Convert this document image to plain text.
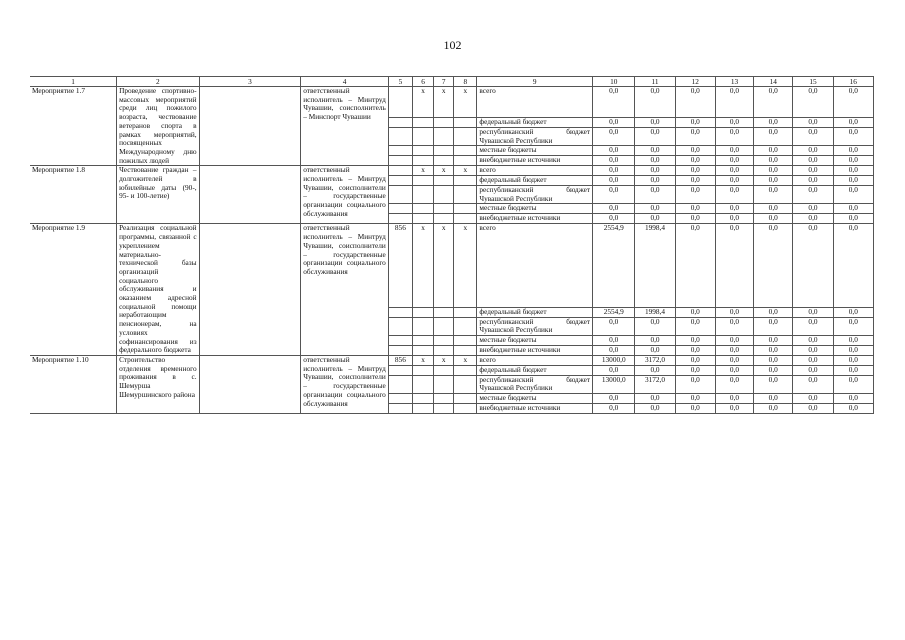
102
1	2	3	4	5	6	7	8	9	10	11	12	13	14	15	16
Мероприятие 1.7	Проведение спортивно-массовых мероприятий среди лиц пожилого возраста, чествование ветеранов спорта в рамках мероприятий, посвященных Международному дню пожилых людей		ответственный исполнитель – Минтруд Чувашии, соисполнитель – Минспорт Чувашии		x	x	x	всего	0,0	0,0	0,0	0,0	0,0	0,0	0,0
								федеральный бюджет	0,0	0,0	0,0	0,0	0,0	0,0	0,0
								республиканский бюджет Чувашской Республики	0,0	0,0	0,0	0,0	0,0	0,0	0,0
								местные бюджеты	0,0	0,0	0,0	0,0	0,0	0,0	0,0
								внебюджетные источники	0,0	0,0	0,0	0,0	0,0	0,0	0,0
Мероприятие 1.8	Чествование граждан – долгожителей в юбилейные даты (90-, 95- и 100-летие)		ответственный исполнитель – Минтруд Чувашии, соисполнители – государственные организации социального обслуживания		x	x	x	всего	0,0	0,0	0,0	0,0	0,0	0,0	0,0
								федеральный бюджет	0,0	0,0	0,0	0,0	0,0	0,0	0,0
								республиканский бюджет Чувашской Республики	0,0	0,0	0,0	0,0	0,0	0,0	0,0
								местные бюджеты	0,0	0,0	0,0	0,0	0,0	0,0	0,0
								внебюджетные источники	0,0	0,0	0,0	0,0	0,0	0,0	0,0
Мероприятие 1.9	Реализация социальной программы, связанной с укреплением материально-технической базы организаций социального обслуживания и оказанием адресной социальной помощи неработающим пенсионерам, на условиях софинансирования из федерального бюджета		ответственный исполнитель – Минтруд Чувашии, соисполнители – государственные организации социального обслуживания	856	x	x	x	всего	2554,9	1998,4	0,0	0,0	0,0	0,0	0,0
								федеральный бюджет	2554,9	1998,4	0,0	0,0	0,0	0,0	0,0
								республиканский бюджет Чувашской Республики	0,0	0,0	0,0	0,0	0,0	0,0	0,0
								местные бюджеты	0,0	0,0	0,0	0,0	0,0	0,0	0,0
								внебюджетные источники	0,0	0,0	0,0	0,0	0,0	0,0	0,0
Мероприятие 1.10	Строительство отделения временного проживания в с. Шемурша Шемуршинского района		ответственный исполнитель – Минтруд Чувашии, соисполнители – государственные организации социального обслуживания	856	x	x	x	всего	13000,0	3172,0	0,0	0,0	0,0	0,0	0,0
								федеральный бюджет	0,0	0,0	0,0	0,0	0,0	0,0	0,0
								республиканский бюджет Чувашской Республики	13000,0	3172,0	0,0	0,0	0,0	0,0	0,0
								местные бюджеты	0,0	0,0	0,0	0,0	0,0	0,0	0,0
								внебюджетные источники	0,0	0,0	0,0	0,0	0,0	0,0	0,0
